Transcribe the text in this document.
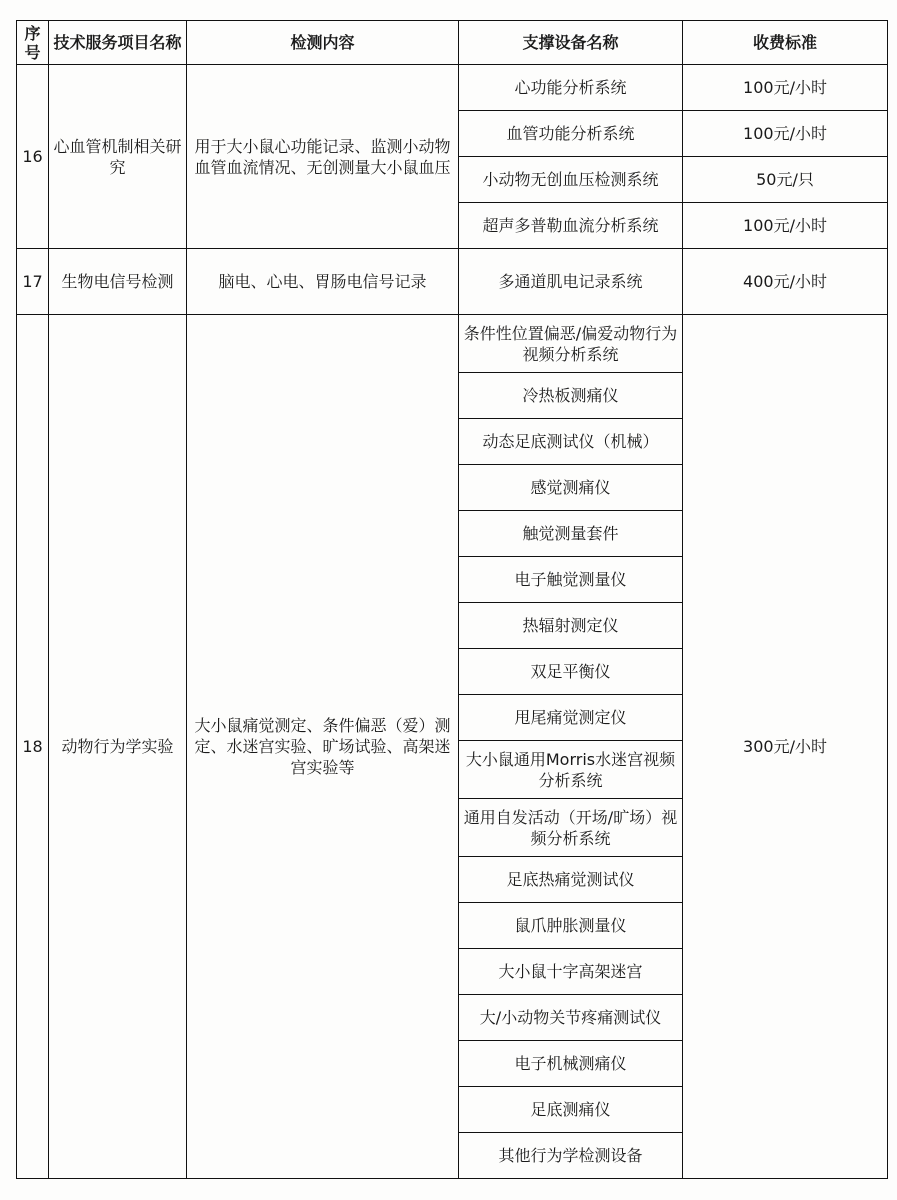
序号	技术服务项目名称	检测内容	支撑设备名称	收费标准
16	心血管机制相关研究	用于大小鼠心功能记录、监测小动物血管血流情况、无创测量大小鼠血压	心功能分析系统	100元/小时
			血管功能分析系统	100元/小时
			小动物无创血压检测系统	50元/只
			超声多普勒血流分析系统	100元/小时
17	生物电信号检测	脑电、心电、胃肠电信号记录	多通道肌电记录系统	400元/小时
18	动物行为学实验	大小鼠痛觉测定、条件偏恶（爱）测定、水迷宫实验、旷场试验、高架迷宫实验等	条件性位置偏恶/偏爱动物行为视频分析系统	300元/小时
			冷热板测痛仪	
			动态足底测试仪（机械）	
			感觉测痛仪	
			触觉测量套件	
			电子触觉测量仪	
			热辐射测定仪	
			双足平衡仪	
			甩尾痛觉测定仪	
			大小鼠通用Morris水迷宫视频分析系统	
			通用自发活动（开场/旷场）视频分析系统	
			足底热痛觉测试仪	
			鼠爪肿胀测量仪	
			大小鼠十字高架迷宫	
			大/小动物关节疼痛测试仪	
			电子机械测痛仪	
			足底测痛仪	
			其他行为学检测设备	
